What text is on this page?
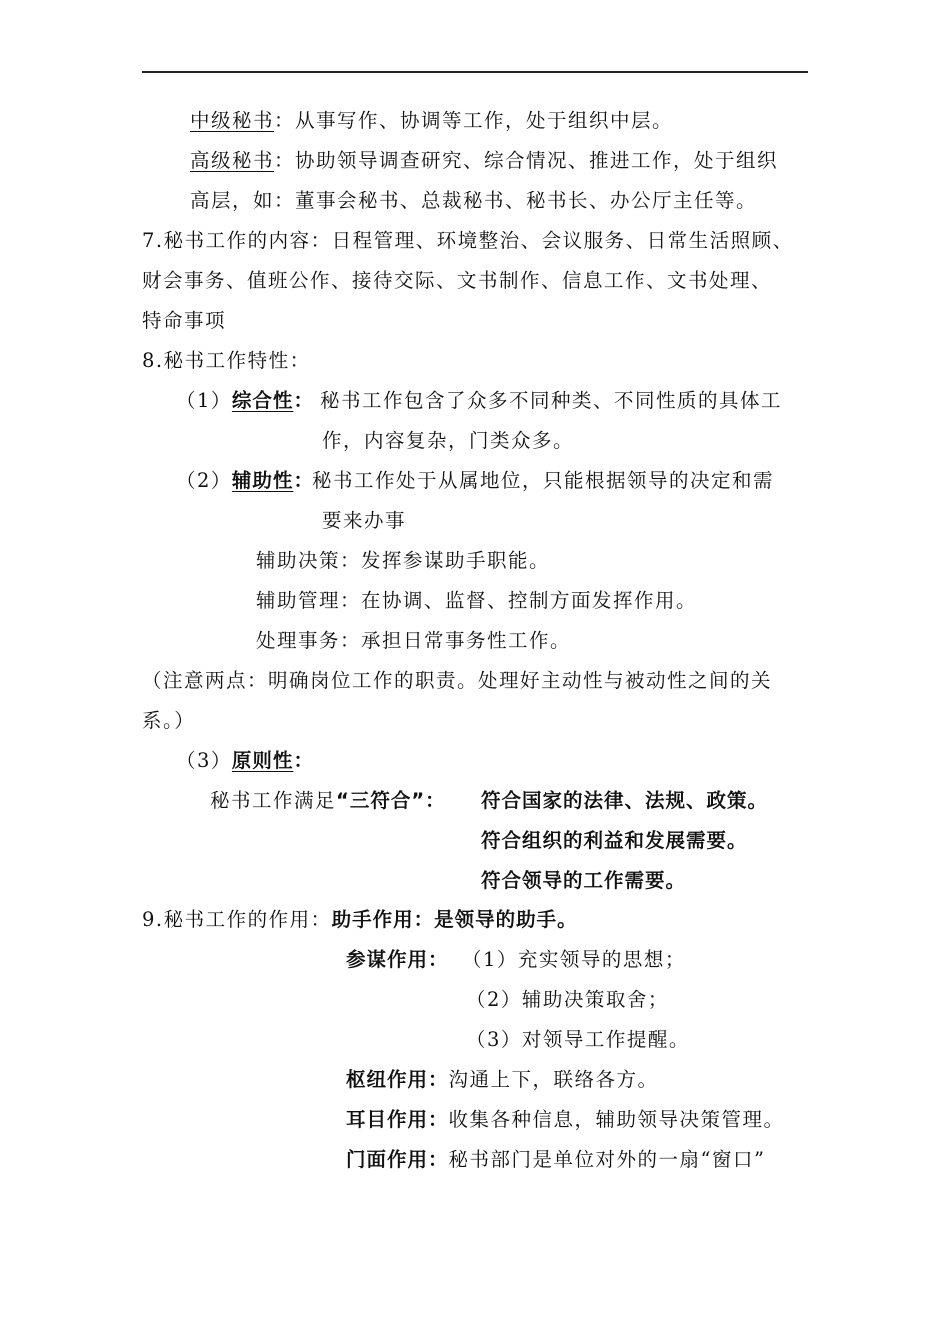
中级秘书：从事写作、协调等工作，处于组织中层。
高级秘书：协助领导调查研究、综合情况、推进工作，处于组织
高层，如：董事会秘书、总裁秘书、秘书长、办公厅主任等。
7.秘书工作的内容：日程管理、环境整治、会议服务、日常生活照顾、
财会事务、值班公作、接待交际、文书制作、信息工作、文书处理、
特命事项
8.秘书工作特性：
（1）综合性： 秘书工作包含了众多不同种类、不同性质的具体工
作，内容复杂，门类众多。
（2）辅助性：
秘书工作处于从属地位，只能根据领导的决定和需
要来办事
辅助决策：发挥参谋助手职能。
辅助管理：在协调、监督、控制方面发挥作用。
处理事务：承担日常事务性工作。
（注意两点：明确岗位工作的职责。处理好主动性与被动性之间的关
系。）
（3）原则性：
秘书工作满足“三符合”： 符合国家的法律、法规、政策。
符合组织的利益和发展需要。
符合领导的工作需要。
9.秘书工作的作用：助手作用：是领导的助手。
参谋作用： （1）充实领导的思想；
（2）辅助决策取舍；
（3）对领导工作提醒。
枢纽作用：沟通上下，联络各方。
耳目作用：收集各种信息，辅助领导决策管理。
门面作用：秘书部门是单位对外的一扇“窗口”
